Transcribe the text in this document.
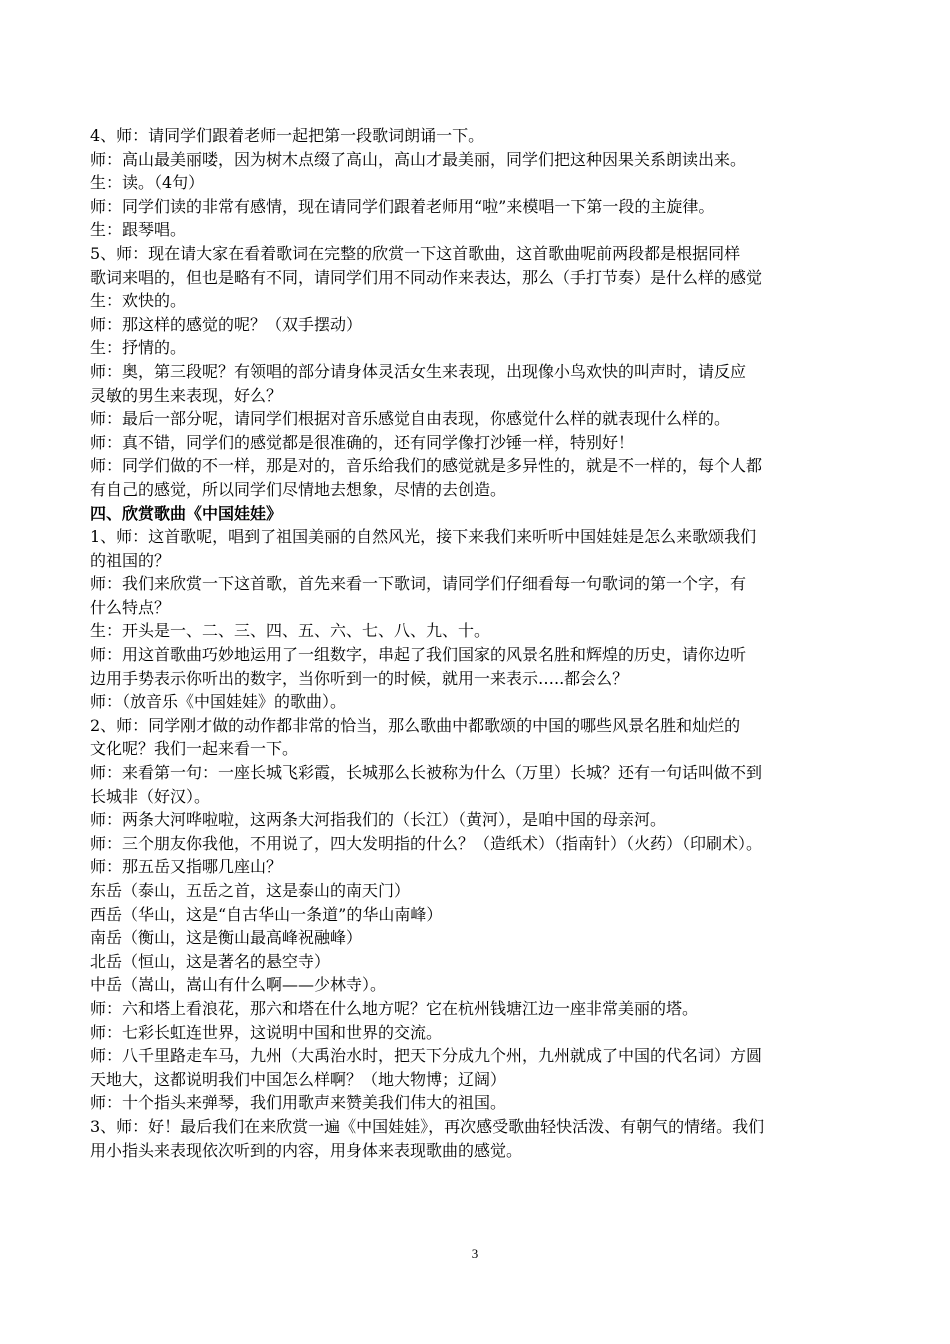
4、师：请同学们跟着老师一起把第一段歌词朗诵一下。

师：高山最美丽喽，因为树木点缀了高山，高山才最美丽，同学们把这种因果关系朗读出来。

生：读。（4句）

师：同学们读的非常有感情，现在请同学们跟着老师用“啦”来模唱一下第一段的主旋律。

生：跟琴唱。

5、师：现在请大家在看着歌词在完整的欣赏一下这首歌曲，这首歌曲呢前两段都是根据同样

歌词来唱的，但也是略有不同，请同学们用不同动作来表达，那么（手打节奏）是什么样的感觉

生：欢快的。

师：那这样的感觉的呢？（双手摆动）

生：抒情的。

师：奥，第三段呢？有领唱的部分请身体灵活女生来表现，出现像小鸟欢快的叫声时，请反应

灵敏的男生来表现，好么？

师：最后一部分呢，请同学们根据对音乐感觉自由表现，你感觉什么样的就表现什么样的。

师：真不错，同学们的感觉都是很准确的，还有同学像打沙锤一样，特别好！

师：同学们做的不一样，那是对的，音乐给我们的感觉就是多异性的，就是不一样的，每个人都

有自己的感觉，所以同学们尽情地去想象，尽情的去创造。

四、欣赏歌曲《中国娃娃》

1、师：这首歌呢，唱到了祖国美丽的自然风光，接下来我们来听听中国娃娃是怎么来歌颂我们

的祖国的？

师：我们来欣赏一下这首歌，首先来看一下歌词，请同学们仔细看每一句歌词的第一个字，有

什么特点？

生：开头是一、二、三、四、五、六、七、八、九、十。

师：用这首歌曲巧妙地运用了一组数字，串起了我们国家的风景名胜和辉煌的历史，请你边听

边用手势表示你听出的数字，当你听到一的时候，就用一来表示…..都会么？

师：（放音乐《中国娃娃》的歌曲）。

2、师：同学刚才做的动作都非常的恰当，那么歌曲中都歌颂的中国的哪些风景名胜和灿烂的

文化呢？我们一起来看一下。

师：来看第一句：一座长城飞彩霞，长城那么长被称为什么（万里）长城？还有一句话叫做不到

长城非（好汉）。

师：两条大河哗啦啦，这两条大河指我们的（长江）（黄河），是咱中国的母亲河。

师：三个朋友你我他，不用说了，四大发明指的什么？（造纸术）（指南针）（火药）（印刷术）。

师：那五岳又指哪几座山？

东岳（泰山，五岳之首，这是泰山的南天门）

西岳（华山，这是“自古华山一条道”的华山南峰）

南岳（衡山，这是衡山最高峰祝融峰）

北岳（恒山，这是著名的悬空寺）

中岳（嵩山，嵩山有什么啊——少林寺）。

师：六和塔上看浪花，那六和塔在什么地方呢？它在杭州钱塘江边一座非常美丽的塔。

师：七彩长虹连世界，这说明中国和世界的交流。

师：八千里路走车马，九州（大禹治水时，把天下分成九个州，九州就成了中国的代名词）方圆

天地大，这都说明我们中国怎么样啊？（地大物博；辽阔）

师：十个指头来弹琴，我们用歌声来赞美我们伟大的祖国。

3、师：好！最后我们在来欣赏一遍《中国娃娃》，再次感受歌曲轻快活泼、有朝气的情绪。我们

用小指头来表现依次听到的内容，用身体来表现歌曲的感觉。

3
